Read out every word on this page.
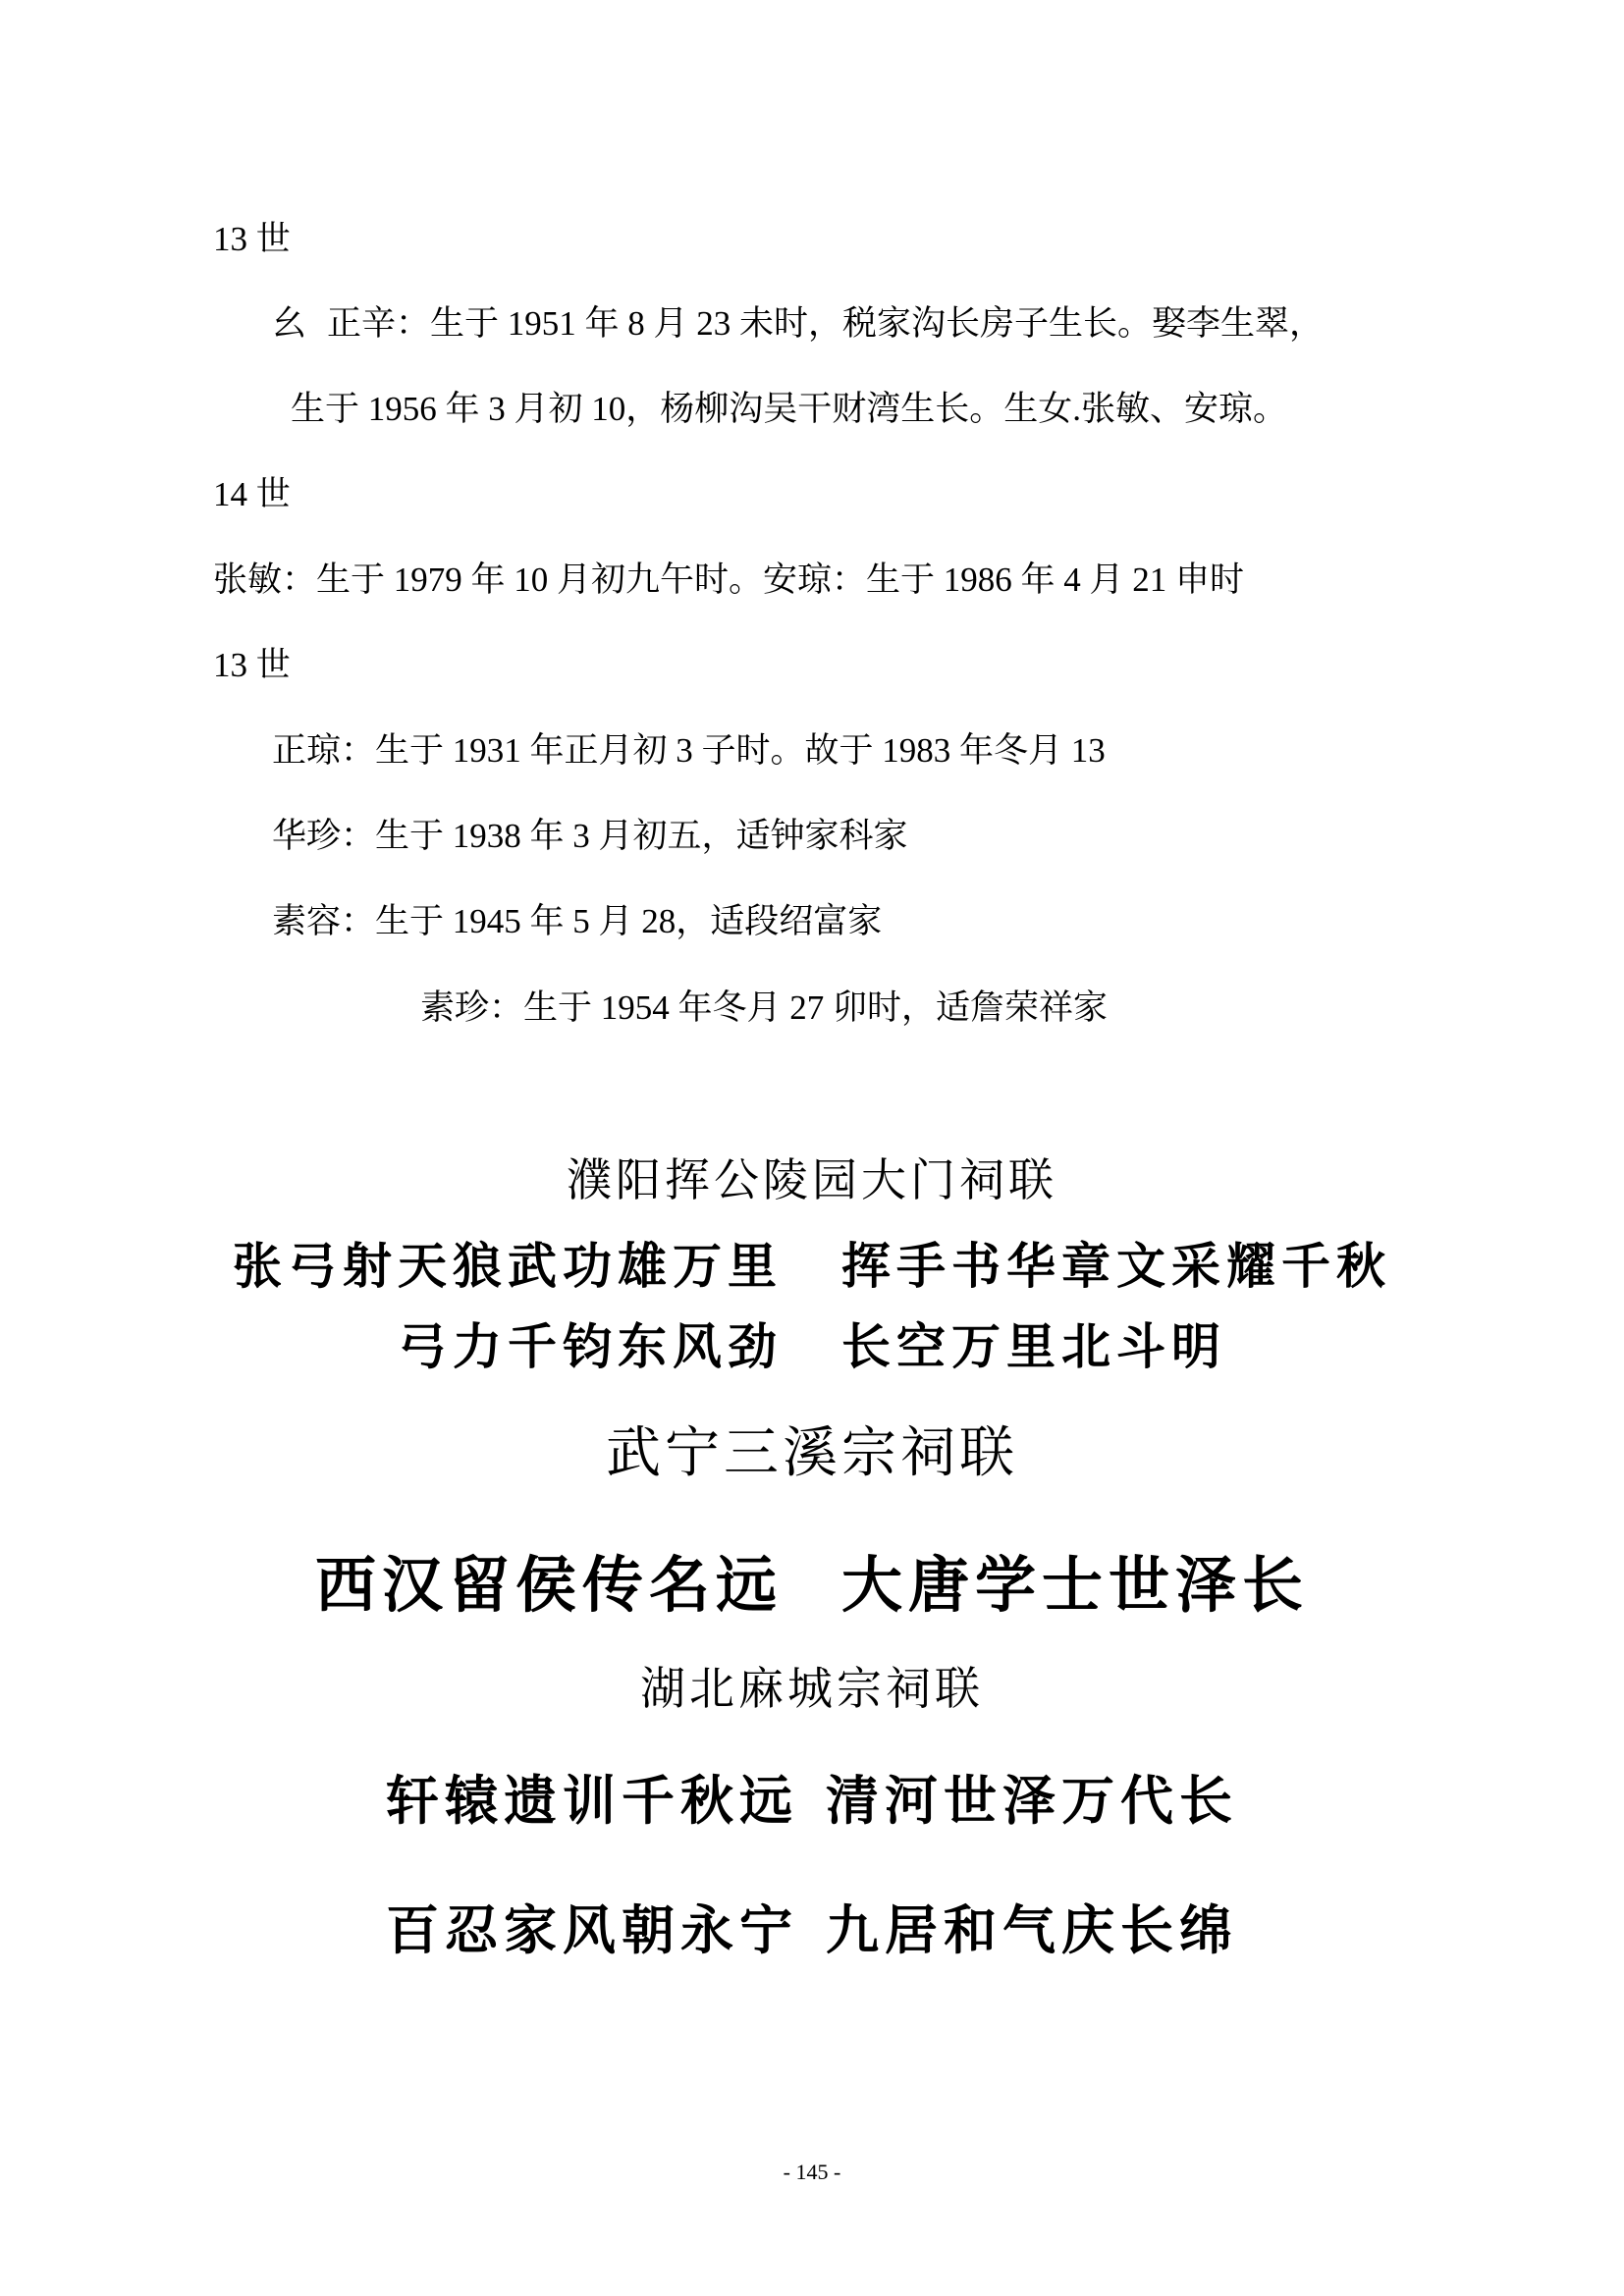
13 世
幺 正辛：生于 1951 年 8 月 23 未时，税家沟长房子生长。娶李生翠，
生于 1956 年 3 月初 10，杨柳沟吴干财湾生长。生女.张敏、安琼。
14 世
张敏：生于 1979 年 10 月初九午时。安琼：生于 1986 年 4 月 21 申时
13 世
正琼：生于 1931 年正月初 3 子时。故于 1983 年冬月 13
华珍：生于 1938 年 3 月初五，适钟家科家
素容：生于 1945 年 5 月 28，适段绍富家
素珍：生于 1954 年冬月 27 卯时，适詹荣祥家
濮阳挥公陵园大门祠联
张弓射天狼武功雄万里 挥手书华章文采耀千秋
弓力千钧东风劲 长空万里北斗明
武宁三溪宗祠联
西汉留侯传名远 大唐学士世泽长
湖北麻城宗祠联
轩辕遗训千秋远 清河世泽万代长
百忍家风朝永宁 九居和气庆长绵
- 145 -
